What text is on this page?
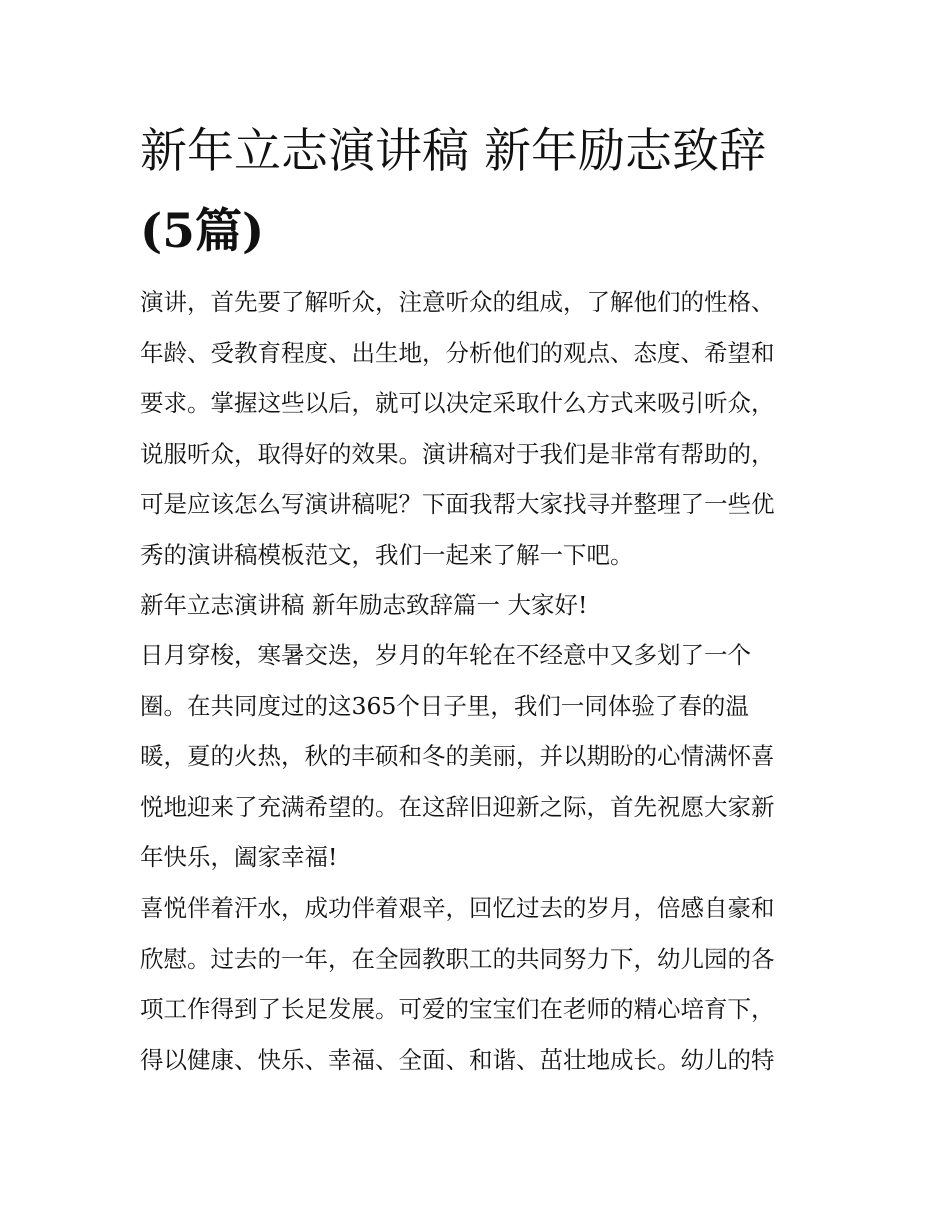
新年立志演讲稿 新年励志致辞
(5篇)
演讲，首先要了解听众，注意听众的组成，了解他们的性格、
年龄、受教育程度、出生地，分析他们的观点、态度、希望和
要求。掌握这些以后，就可以决定采取什么方式来吸引听众，
说服听众，取得好的效果。演讲稿对于我们是非常有帮助的，
可是应该怎么写演讲稿呢？下面我帮大家找寻并整理了一些优
秀的演讲稿模板范文，我们一起来了解一下吧。
新年立志演讲稿 新年励志致辞篇一 大家好!
日月穿梭，寒暑交迭，岁月的年轮在不经意中又多划了一个
圈。在共同度过的这365个日子里，我们一同体验了春的温
暖，夏的火热，秋的丰硕和冬的美丽，并以期盼的心情满怀喜
悦地迎来了充满希望的。在这辞旧迎新之际，首先祝愿大家新
年快乐，阖家幸福!
喜悦伴着汗水，成功伴着艰辛，回忆过去的岁月，倍感自豪和
欣慰。过去的一年，在全园教职工的共同努力下，幼儿园的各
项工作得到了长足发展。可爱的宝宝们在老师的精心培育下，
得以健康、快乐、幸福、全面、和谐、茁壮地成长。幼儿的特
